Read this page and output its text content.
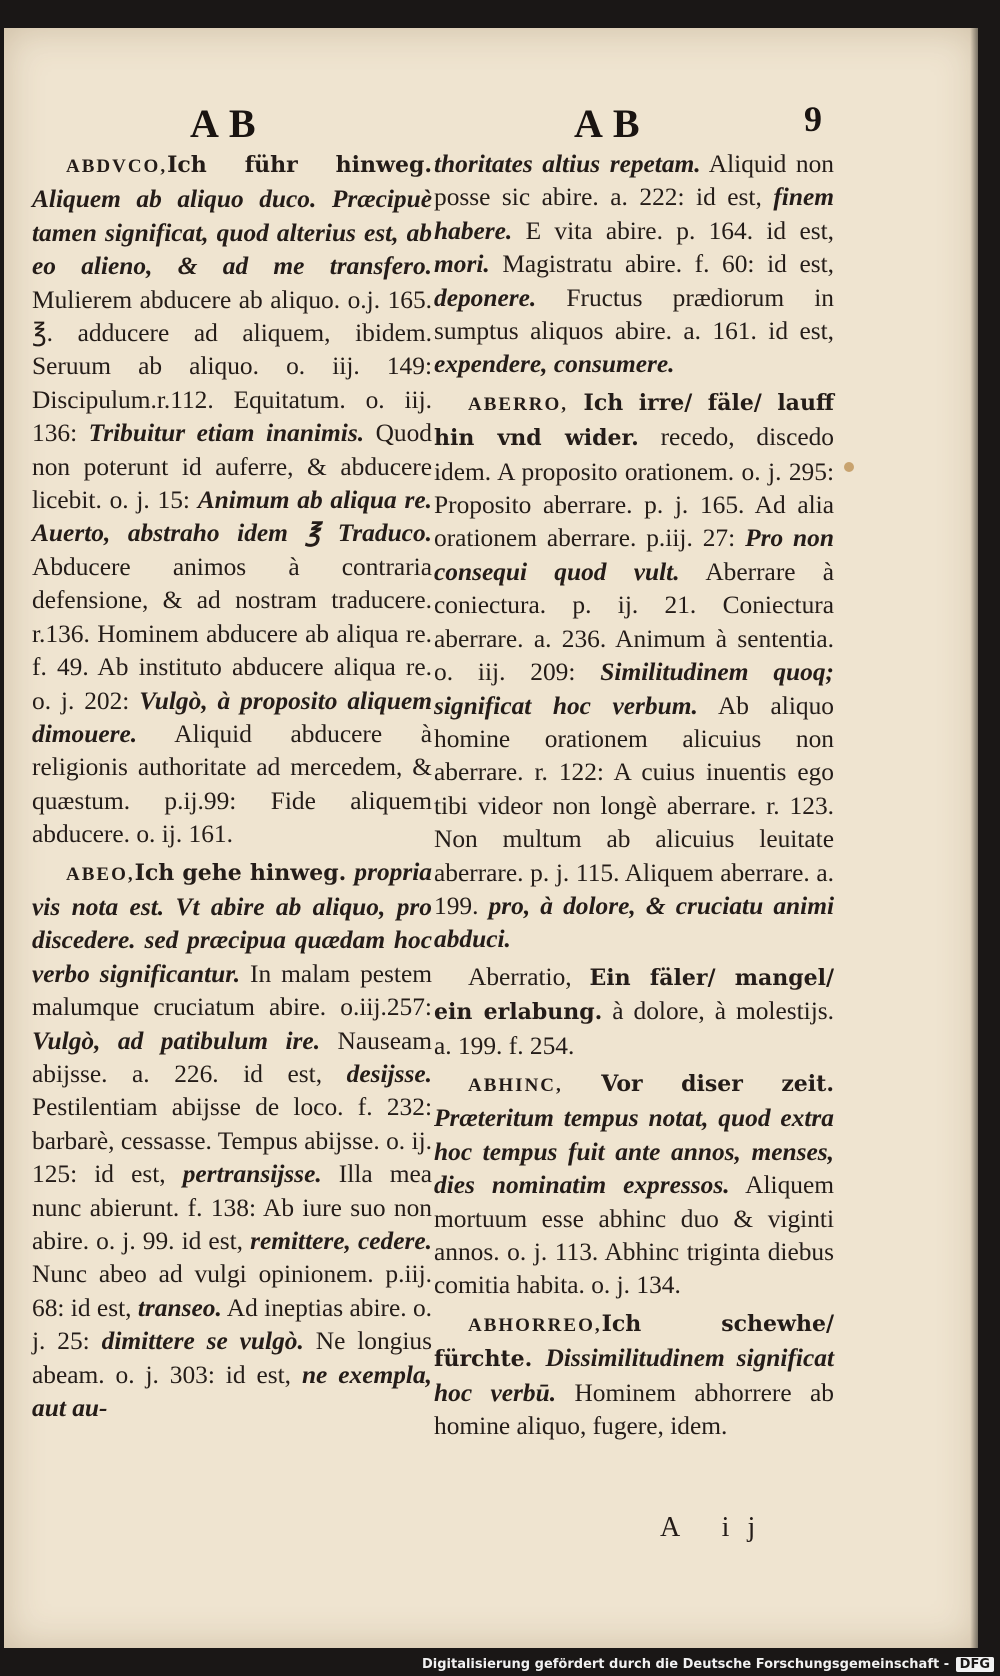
AB	AB	9

ABDVCO,Ich führ hinweg. Aliquem ab aliquo duco. Præcipuè tamen significat, quod alterius est, ab eo alieno, & ad me transfero. Mulierem abducere ab aliquo. o.j. 165. ℥. adducere ad aliquem, ibidem. Seruum ab aliquo. o. iij. 149: Discipulum.r.112. Equitatum. o. iij. 136: Tribuitur etiam inanimis. Quod non poterunt id auferre, & abducere licebit. o. j. 15: Animum ab aliqua re. Auerto, abstraho idem ℥ Traduco. Abducere animos à contraria defensione, & ad nostram traducere. r.136. Hominem abducere ab aliqua re. f. 49. Ab instituto abducere aliqua re. o. j. 202: Vulgò, à proposito aliquem dimouere. Aliquid abducere à religionis authoritate ad mercedem, & quæstum. p.ij.99: Fide aliquem abducere. o. ij. 161.

ABEO,Ich gehe hinweg. propria vis nota est. Vt abire ab aliquo, pro discedere. sed præcipua quædam hoc verbo significantur. In malam pestem malumque cruciatum abire. o.iij.257: Vulgò, ad patibulum ire. Nauseam abijsse. a. 226. id est, desijsse. Pestilentiam abijsse de loco. f. 232: barbarè, cessasse. Tempus abijsse. o. ij. 125: id est, pertransijsse. Illa mea nunc abierunt. f. 138: Ab iure suo non abire. o. j. 99. id est, remittere, cedere. Nunc abeo ad vulgi opinionem. p.iij. 68: id est, transeo. Ad ineptias abire. o. j. 25: dimittere se vulgò. Ne longius abeam. o. j. 303: id est, ne exempla, aut au-

thoritates altius repetam. Aliquid non posse sic abire. a. 222: id est, finem habere. E vita abire. p. 164. id est, mori. Magistratu abire. f. 60: id est, deponere. Fructus prædiorum in sumptus aliquos abire. a. 161. id est, expendere, consumere.

ABERRO, Ich irre/ fäle/ lauff hin vnd wider. recedo, discedo idem. A proposito orationem. o. j. 295: Proposito aberrare. p. j. 165. Ad alia orationem aberrare. p.iij. 27: Pro non consequi quod vult. Aberrare à coniectura. p. ij. 21. Coniectura aberrare. a. 236. Animum à sententia. o. iij. 209: Similitudinem quoq; significat hoc verbum. Ab aliquo homine orationem alicuius non aberrare. r. 122: A cuius inuentis ego tibi videor non longè aberrare. r. 123. Non multum ab alicuius leuitate aberrare. p. j. 115. Aliquem aberrare. a. 199. pro, à dolore, & cruciatu animi abduci.

Aberratio, Ein fäler/ mangel/ ein erlabung. à dolore, à molestijs. a. 199. f. 254.

ABHINC, Vor diser zeit. Præteritum tempus notat, quod extra hoc tempus fuit ante annos, menses, dies nominatim expressos. Aliquem mortuum esse abhinc duo & viginti annos. o. j. 113. Abhinc triginta diebus comitia habita. o. j. 134.

ABHORREO,Ich schewhe/ fürchte. Dissimilitudinem significat hoc verbū. Hominem abhorrere ab homine aliquo, fugere, idem.

A ij
Digitalisierung gefördert durch die Deutsche Forschungsgemeinschaft - DFG
